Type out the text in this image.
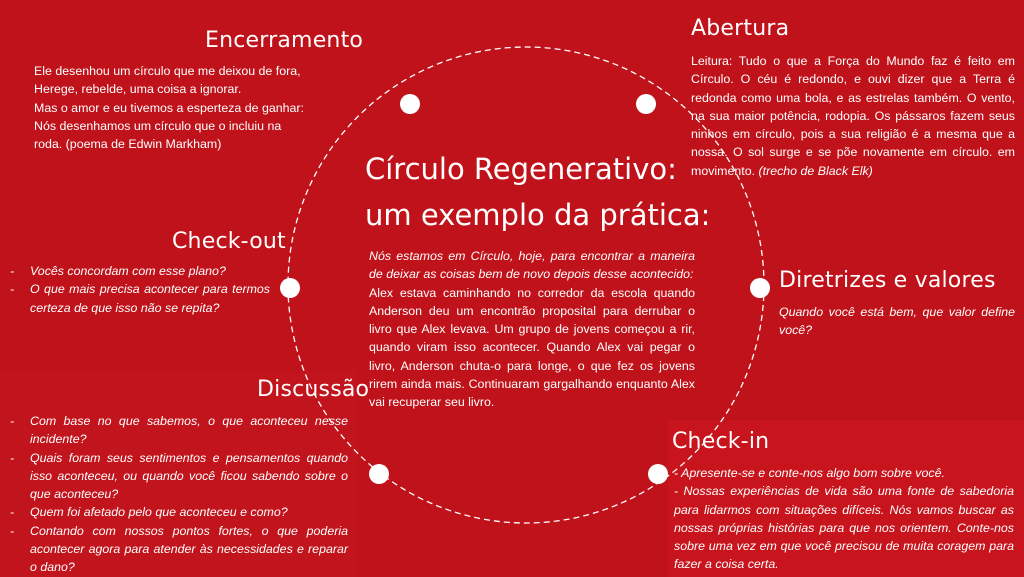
Círculo Regenerativo:
um exemplo da prática:
Nós estamos em Círculo, hoje, para encontrar a maneira de deixar as coisas bem de novo depois desse acontecido:
Alex estava caminhando no corredor da escola quando Anderson deu um encontrão proposital para derrubar o livro que Alex levava. Um grupo de jovens começou a rir, quando viram isso acontecer. Quando Alex vai pegar o livro, Anderson chuta-o para longe, o que fez os jovens rirem ainda mais. Continuaram gargalhando enquanto Alex vai recuperar seu livro.
Encerramento
Ele desenhou um círculo que me deixou de fora,
Herege, rebelde, uma coisa a ignorar.
Mas o amor e eu tivemos a esperteza de ganhar:
Nós desenhamos um círculo que o incluiu na
roda. (poema de Edwin Markham)
Abertura
Leitura: Tudo o que a Força do Mundo faz é feito em Círculo. O céu é redondo, e ouvi dizer que a Terra é redonda como uma bola, e as estrelas também. O vento, na sua maior potência, rodopia. Os pássaros fazem seus ninhos em círculo, pois a sua religião é a mesma que a nossa. O sol surge e se põe novamente em círculo. em movimento. (trecho de Black Elk)
Check-out
- Vocês concordam com esse plano?
- O que mais precisa acontecer para termos certeza de que isso não se repita?
Diretrizes e valores
Quando você está bem, que valor define você?
Discussão
- Com base no que sabemos, o que aconteceu nesse incidente?
- Quais foram seus sentimentos e pensamentos quando isso aconteceu, ou quando você ficou sabendo sobre o que aconteceu?
- Quem foi afetado pelo que aconteceu e como?
- Contando com nossos pontos fortes, o que poderia acontecer agora para atender às necessidades e reparar o dano?
Check-in
- Apresente-se e conte-nos algo bom sobre você.
- Nossas experiências de vida são uma fonte de sabedoria para lidarmos com situações difíceis. Nós vamos buscar as nossas próprias histórias para que nos orientem. Conte-nos sobre uma vez em que você precisou de muita coragem para fazer a coisa certa.
